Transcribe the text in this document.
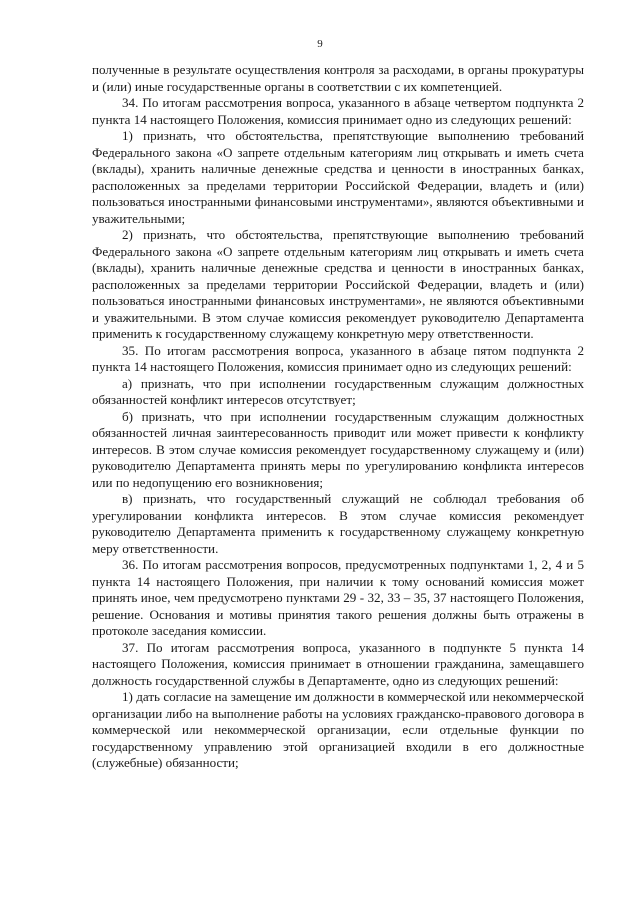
9

полученные в результате осуществления контроля за расходами, в органы прокуратуры и (или) иные государственные органы в соответствии с их компетенцией.

34. По итогам рассмотрения вопроса, указанного в абзаце четвертом подпункта 2 пункта 14 настоящего Положения, комиссия принимает одно из следующих решений:

1) признать, что обстоятельства, препятствующие выполнению требований Федерального закона «О запрете отдельным категориям лиц открывать и иметь счета (вклады), хранить наличные денежные средства и ценности в иностранных банках, расположенных за пределами территории Российской Федерации, владеть и (или) пользоваться иностранными финансовыми инструментами», являются объективными и уважительными;

2) признать, что обстоятельства, препятствующие выполнению требований Федерального закона «О запрете отдельным категориям лиц открывать и иметь счета (вклады), хранить наличные денежные средства и ценности в иностранных банках, расположенных за пределами территории Российской Федерации, владеть и (или) пользоваться иностранными финансовых инструментами», не являются объективными и уважительными. В этом случае комиссия рекомендует руководителю Департамента применить к государственному служащему конкретную меру ответственности.

35. По итогам рассмотрения вопроса, указанного в абзаце пятом подпункта 2 пункта 14 настоящего Положения, комиссия принимает одно из следующих решений:

а) признать, что при исполнении государственным служащим должностных обязанностей конфликт интересов отсутствует;

б) признать, что при исполнении государственным служащим должностных обязанностей личная заинтересованность приводит или может привести к конфликту интересов. В этом случае комиссия рекомендует государственному служащему и (или) руководителю Департамента принять меры по урегулированию конфликта интересов или по недопущению его возникновения;

в) признать, что государственный служащий не соблюдал требования об урегулировании конфликта интересов. В этом случае комиссия рекомендует руководителю Департамента применить к государственному служащему конкретную меру ответственности.

36. По итогам рассмотрения вопросов, предусмотренных подпунктами 1, 2, 4 и 5 пункта 14 настоящего Положения, при наличии к тому оснований комиссия может принять иное, чем предусмотрено пунктами 29 - 32, 33 – 35, 37 настоящего Положения, решение. Основания и мотивы принятия такого решения должны быть отражены в протоколе заседания комиссии.

37. По итогам рассмотрения вопроса, указанного в подпункте 5 пункта 14 настоящего Положения, комиссия принимает в отношении гражданина, замещавшего должность государственной службы в Департаменте, одно из следующих решений:

1) дать согласие на замещение им должности в коммерческой или некоммерческой организации либо на выполнение работы на условиях гражданско-правового договора в коммерческой или некоммерческой организации, если отдельные функции по государственному управлению этой организацией входили в его должностные (служебные) обязанности;
